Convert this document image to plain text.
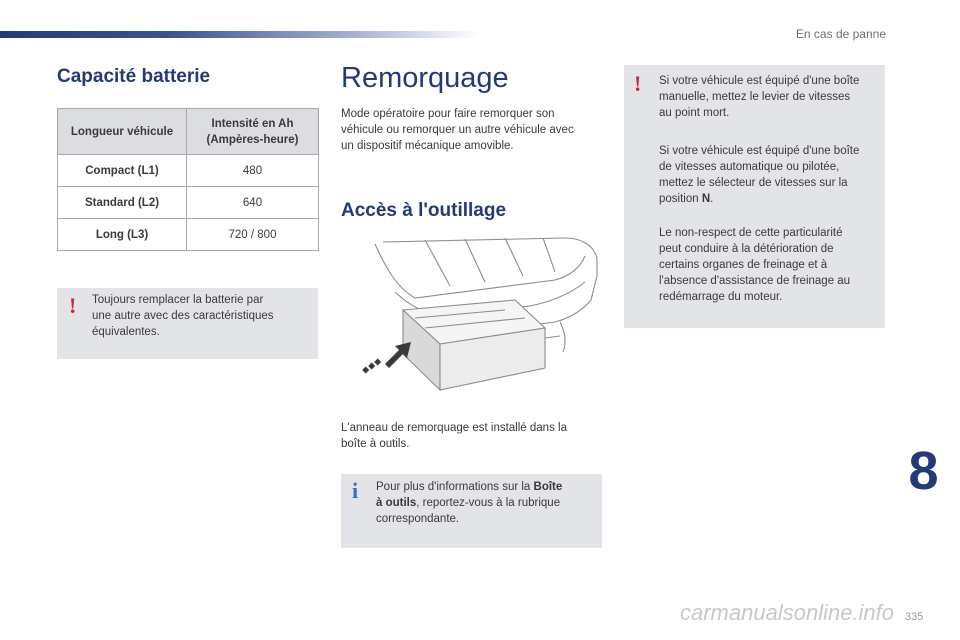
En cas de panne
Capacité batterie
Longueur véhicule	Intensité en Ah (Ampères-heure)
Compact (L1)	480
Standard (L2)	640
Long (L3)	720 / 800
! Toujours remplacer la batterie par
une autre avec des caractéristiques
équivalentes.
Remorquage
Mode opératoire pour faire remorquer son
véhicule ou remorquer un autre véhicule avec
un dispositif mécanique amovible.
Accès à l'outillage
L'anneau de remorquage est installé dans la
boîte à outils.
i Pour plus d'informations sur la Boîte
à outils, reportez-vous à la rubrique
correspondante.
! Si votre véhicule est équipé d'une boîte
manuelle, mettez le levier de vitesses
au point mort.
Si votre véhicule est équipé d'une boîte
de vitesses automatique ou pilotée,
mettez le sélecteur de vitesses sur la
position N.
Le non-respect de cette particularité
peut conduire à la détérioration de
certains organes de freinage et à
l'absence d'assistance de freinage au
redémarrage du moteur.
8
335
carmanualsonline.info
